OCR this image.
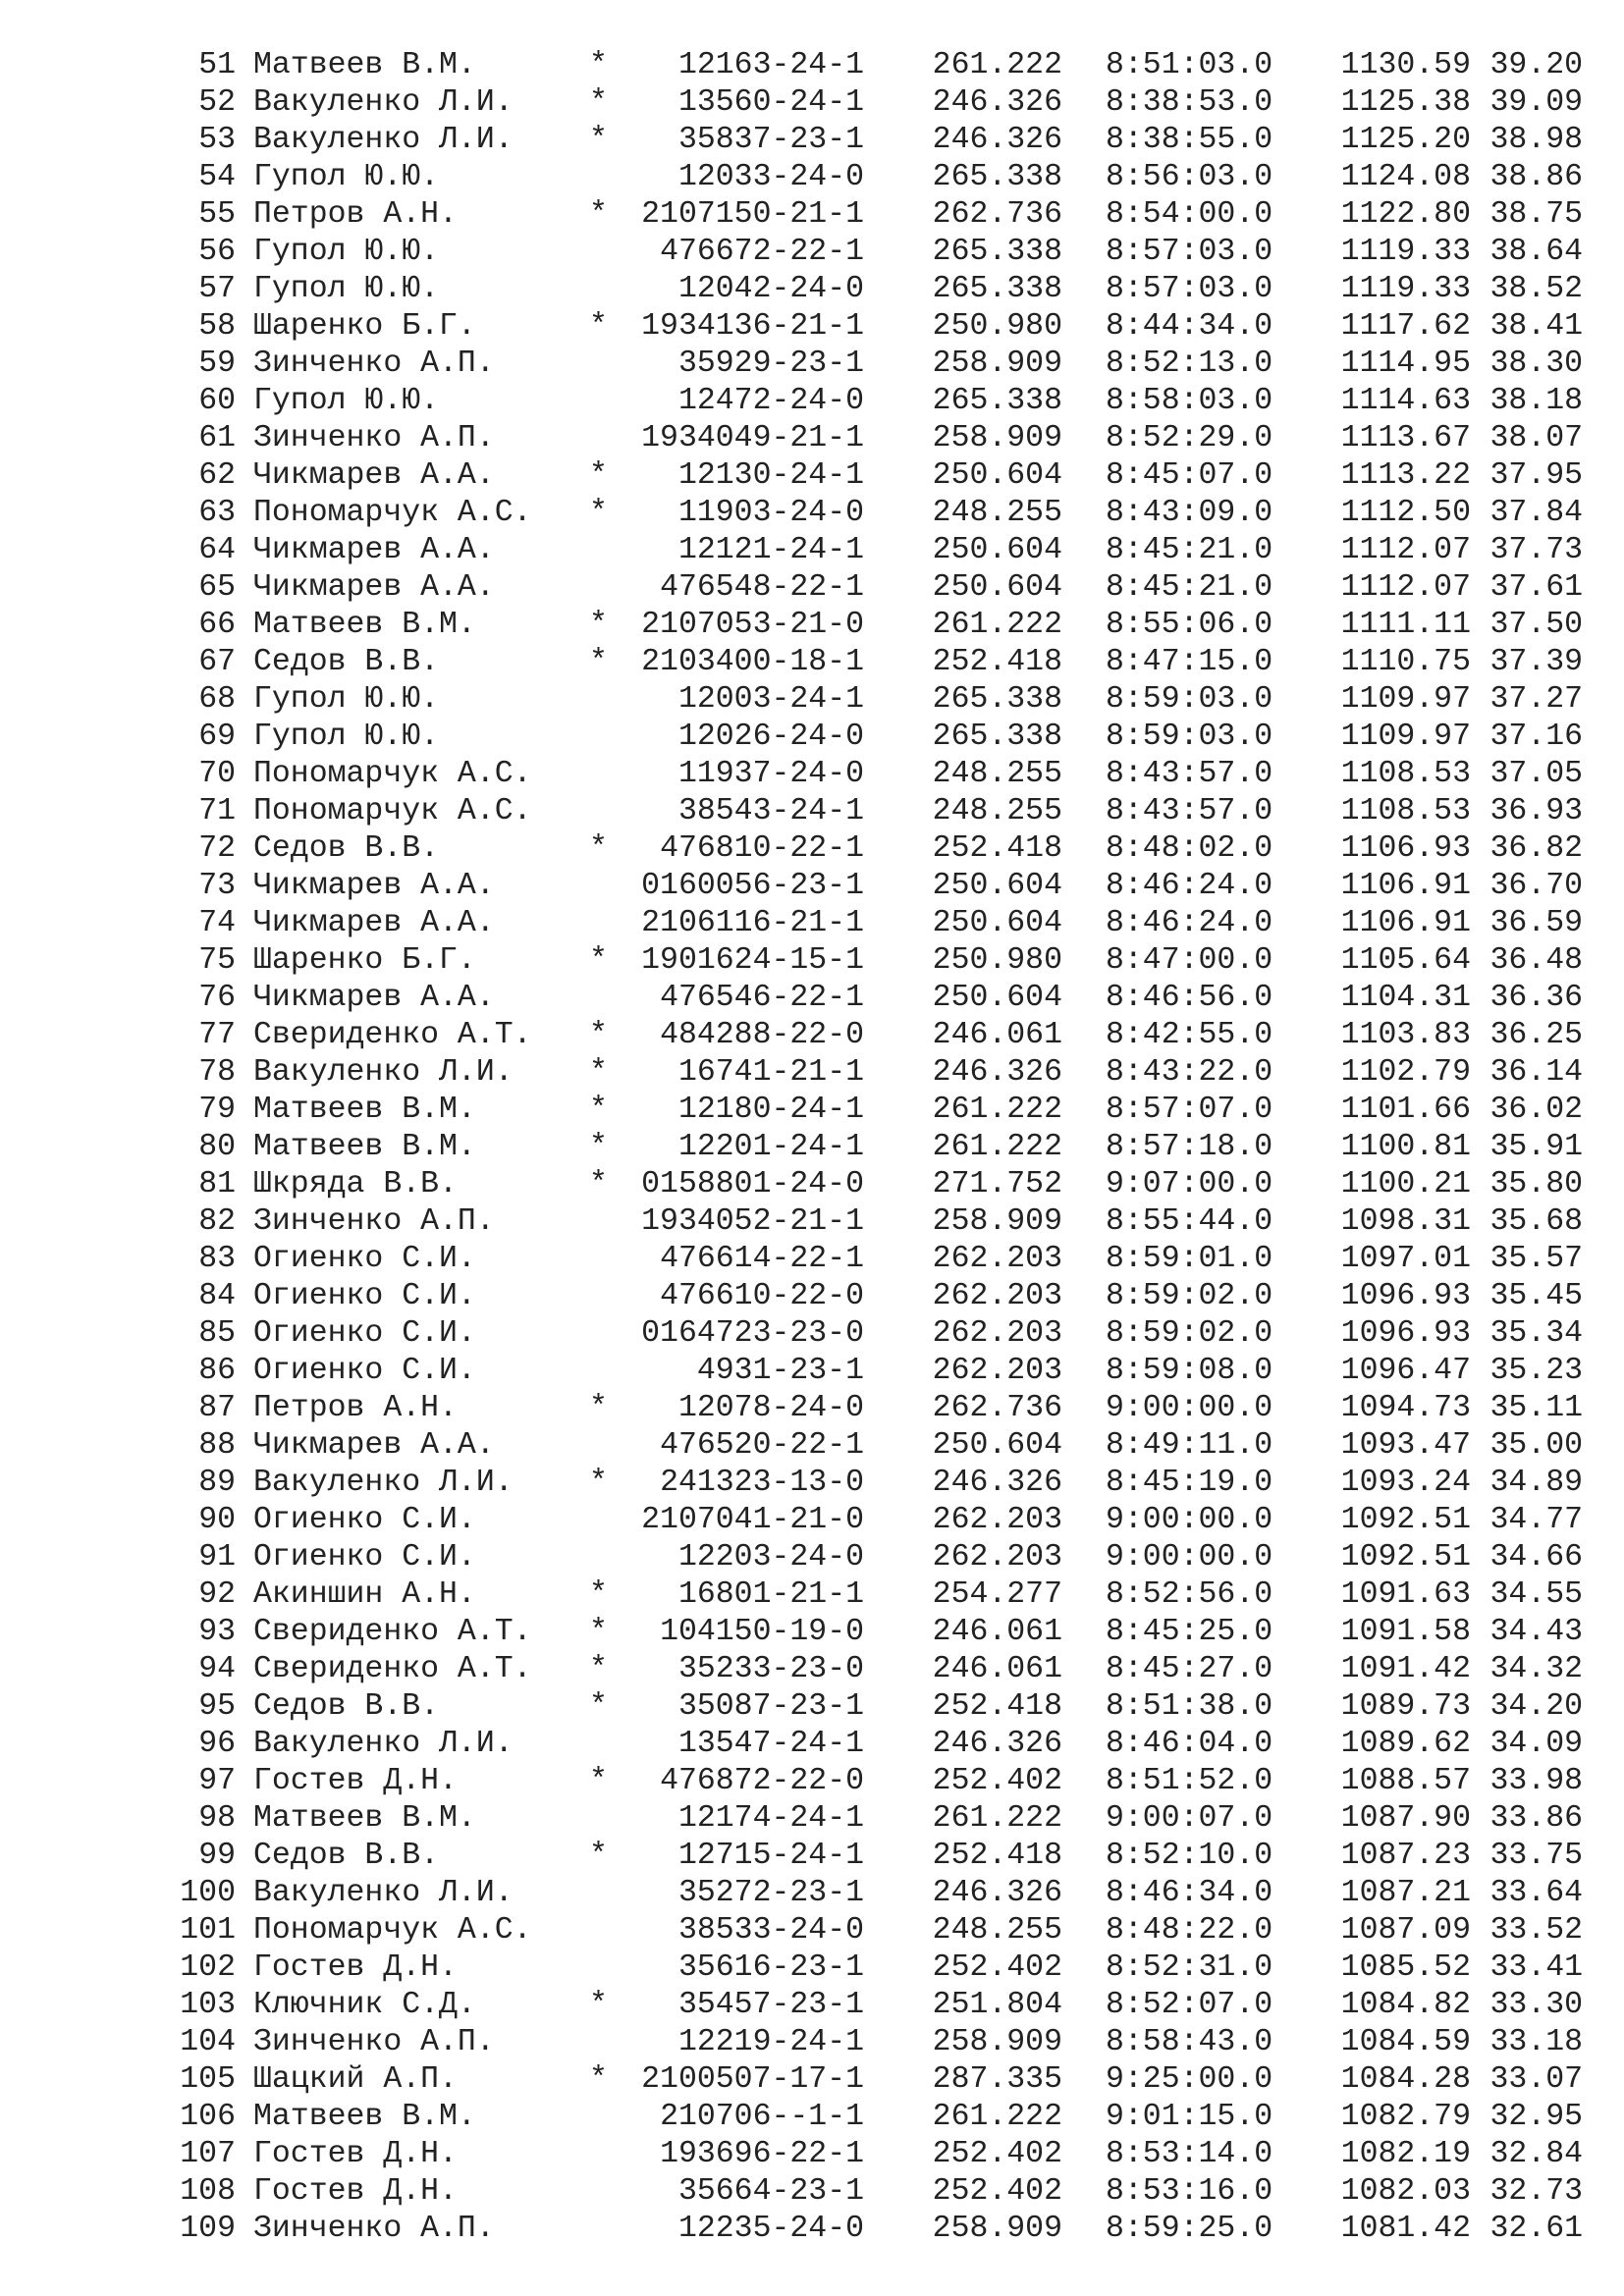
51 Матвеев В.М.	*	12163-24-1	261.222 8:51:03.0	1130.59 39.20
52 Вакуленко Л.И. *	13560-24-1	246.326 8:38:53.0	1125.38 39.09
53 Вакуленко Л.И. *	35837-23-1	246.326 8:38:55.0	1125.20 38.98
54 Гупол Ю.Ю.	12033-24-0	265.338 8:56:03.0	1124.08 38.86
55 Петров А.Н.	*	2107150-21-1	262.736 8:54:00.0	1122.80 38.75
56 Гупол Ю.Ю.	476672-22-1	265.338 8:57:03.0	1119.33 38.64
57 Гупол Ю.Ю.	12042-24-0	265.338 8:57:03.0	1119.33 38.52
58 Шаренко Б.Г.	*	1934136-21-1	250.980 8:44:34.0	1117.62 38.41
59 Зинченко А.П.	35929-23-1	258.909 8:52:13.0	1114.95 38.30
60 Гупол Ю.Ю.	12472-24-0	265.338 8:58:03.0	1114.63 38.18
61 Зинченко А.П.	1934049-21-1	258.909 8:52:29.0	1113.67 38.07
62 Чикмарев А.А.	*	12130-24-1	250.604 8:45:07.0	1113.22 37.95
63 Пономарчук А.С. *	11903-24-0	248.255 8:43:09.0	1112.50 37.84
64 Чикмарев А.А.	12121-24-1	250.604 8:45:21.0	1112.07 37.73
65 Чикмарев А.А.	476548-22-1	250.604 8:45:21.0	1112.07 37.61
66 Матвеев В.М.	*	2107053-21-0	261.222 8:55:06.0	1111.11 37.50
67 Седов В.В.	*	2103400-18-1	252.418 8:47:15.0	1110.75 37.39
68 Гупол Ю.Ю.	12003-24-1	265.338 8:59:03.0	1109.97 37.27
69 Гупол Ю.Ю.	12026-24-0	265.338 8:59:03.0	1109.97 37.16
70 Пономарчук А.С.	11937-24-0	248.255 8:43:57.0	1108.53 37.05
71 Пономарчук А.С.	38543-24-1	248.255 8:43:57.0	1108.53 36.93
72 Седов В.В.	*	476810-22-1	252.418 8:48:02.0	1106.93 36.82
73 Чикмарев А.А.	0160056-23-1	250.604 8:46:24.0	1106.91 36.70
74 Чикмарев А.А.	2106116-21-1	250.604 8:46:24.0	1106.91 36.59
75 Шаренко Б.Г.	*	1901624-15-1	250.980 8:47:00.0	1105.64 36.48
76 Чикмарев А.А.	476546-22-1	250.604 8:46:56.0	1104.31 36.36
77 Свериденко А.Т. *	484288-22-0	246.061 8:42:55.0	1103.83 36.25
78 Вакуленко Л.И. *	16741-21-1	246.326 8:43:22.0	1102.79 36.14
79 Матвеев В.М.	*	12180-24-1	261.222 8:57:07.0	1101.66 36.02
80 Матвеев В.М.	*	12201-24-1	261.222 8:57:18.0	1100.81 35.91
81 Шкряда В.В.	*	0158801-24-0	271.752 9:07:00.0	1100.21 35.80
82 Зинченко А.П.	1934052-21-1	258.909 8:55:44.0	1098.31 35.68
83 Огиенко С.И.	476614-22-1	262.203 8:59:01.0	1097.01 35.57
84 Огиенко С.И.	476610-22-0	262.203 8:59:02.0	1096.93 35.45
85 Огиенко С.И.	0164723-23-0	262.203 8:59:02.0	1096.93 35.34
86 Огиенко С.И.	4931-23-1	262.203 8:59:08.0	1096.47 35.23
87 Петров А.Н.	*	12078-24-0	262.736 9:00:00.0	1094.73 35.11
88 Чикмарев А.А.	476520-22-1	250.604 8:49:11.0	1093.47 35.00
89 Вакуленко Л.И. *	241323-13-0	246.326 8:45:19.0	1093.24 34.89
90 Огиенко С.И.	2107041-21-0	262.203 9:00:00.0	1092.51 34.77
91 Огиенко С.И.	12203-24-0	262.203 9:00:00.0	1092.51 34.66
92 Акиншин А.Н.	*	16801-21-1	254.277 8:52:56.0	1091.63 34.55
93 Свериденко А.Т. *	104150-19-0	246.061 8:45:25.0	1091.58 34.43
94 Свериденко А.Т. *	35233-23-0	246.061 8:45:27.0	1091.42 34.32
95 Седов В.В.	*	35087-23-1	252.418 8:51:38.0	1089.73 34.20
96 Вакуленко Л.И.	13547-24-1	246.326 8:46:04.0	1089.62 34.09
97 Гостев Д.Н.	*	476872-22-0	252.402 8:51:52.0	1088.57 33.98
98 Матвеев В.М.	12174-24-1	261.222 9:00:07.0	1087.90 33.86
99 Седов В.В.	*	12715-24-1	252.418 8:52:10.0	1087.23 33.75
100 Вакуленко Л.И.	35272-23-1	246.326 8:46:34.0	1087.21 33.64
101 Пономарчук А.С.	38533-24-0	248.255 8:48:22.0	1087.09 33.52
102 Гостев Д.Н.	35616-23-1	252.402 8:52:31.0	1085.52 33.41
103 Ключник С.Д.	*	35457-23-1	251.804 8:52:07.0	1084.82 33.30
104 Зинченко А.П.	12219-24-1	258.909 8:58:43.0	1084.59 33.18
105 Шацкий А.П.	*	2100507-17-1	287.335 9:25:00.0	1084.28 33.07
106 Матвеев В.М.	210706--1-1	261.222 9:01:15.0	1082.79 32.95
107 Гостев Д.Н.	193696-22-1	252.402 8:53:14.0	1082.19 32.84
108 Гостев Д.Н.	35664-23-1	252.402 8:53:16.0	1082.03 32.73
109 Зинченко А.П.	12235-24-0	258.909 8:59:25.0	1081.42 32.61
